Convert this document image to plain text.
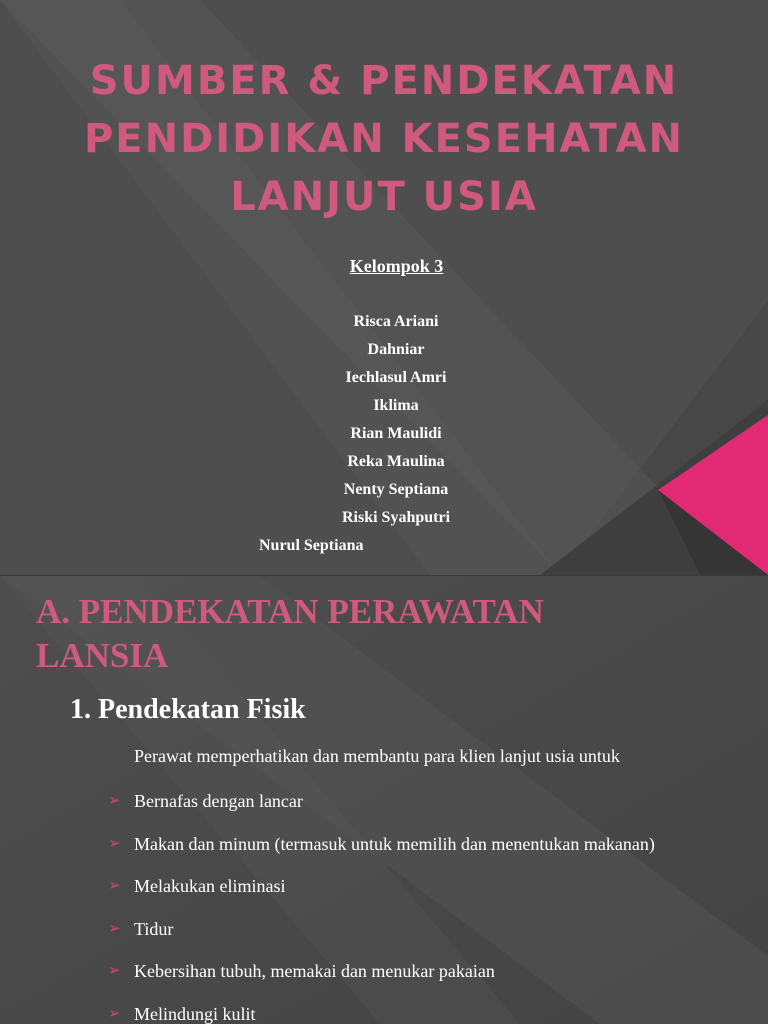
SUMBER & PENDEKATAN
PENDIDIKAN KESEHATAN
LANJUT USIA

Kelompok 3

Risca Ariani
Dahniar
Iechlasul Amri
Iklima
Rian Maulidi
Reka Maulina
Nenty Septiana
Riski Syahputri
Nurul Septiana
A. PENDEKATAN PERAWATAN
LANSIA
1. Pendekatan Fisik

Perawat memperhatikan dan membantu para klien lanjut usia untuk

➢ Bernafas dengan lancar
➢ Makan dan minum (termasuk untuk memilih dan menentukan makanan)
➢ Melakukan eliminasi
➢ Tidur
➢ Kebersihan tubuh, memakai dan menukar pakaian
➢ Melindungi kulit
